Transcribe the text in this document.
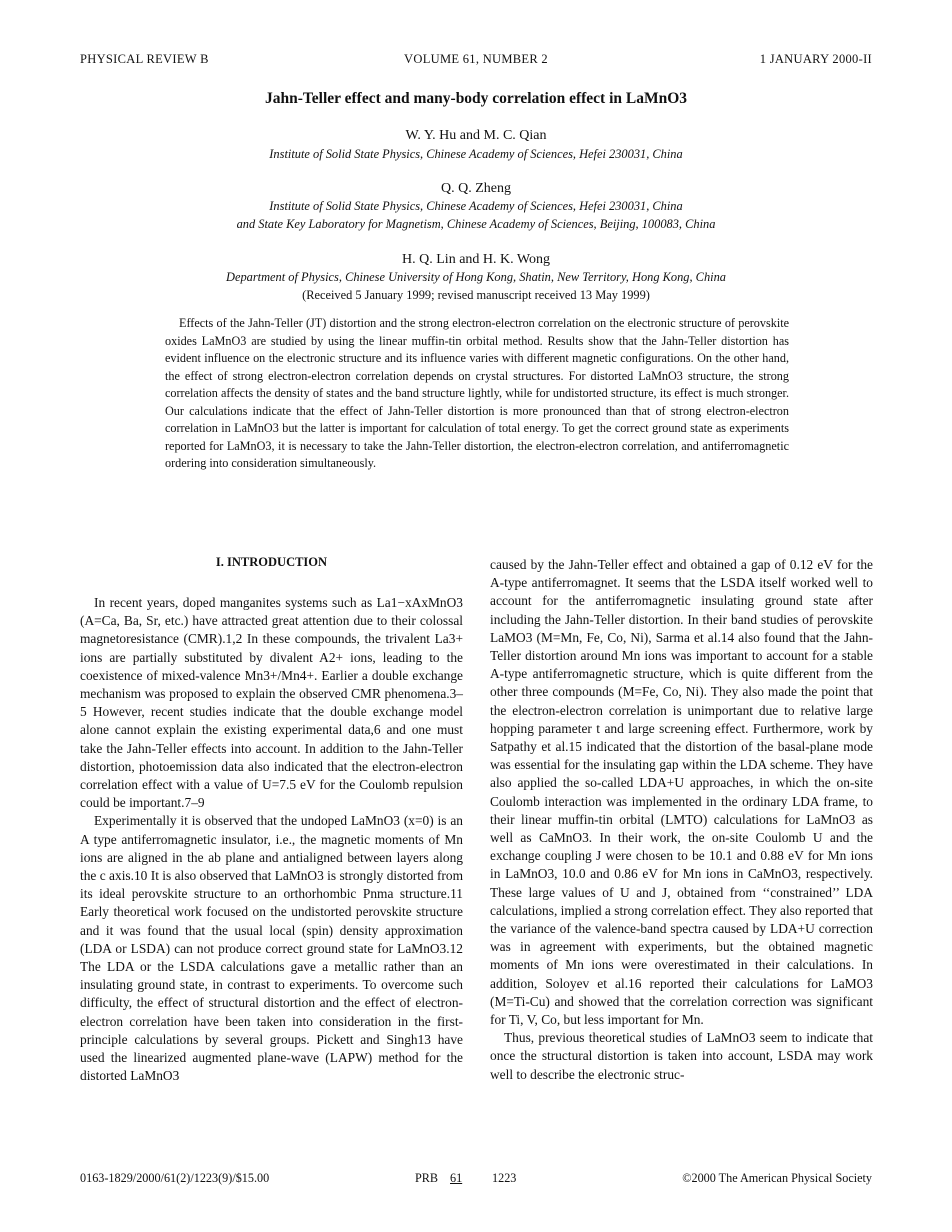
PHYSICAL REVIEW B	VOLUME 61, NUMBER 2	1 JANUARY 2000-II
Jahn-Teller effect and many-body correlation effect in LaMnO3
W. Y. Hu and M. C. Qian
Institute of Solid State Physics, Chinese Academy of Sciences, Hefei 230031, China
Q. Q. Zheng
Institute of Solid State Physics, Chinese Academy of Sciences, Hefei 230031, China
and State Key Laboratory for Magnetism, Chinese Academy of Sciences, Beijing, 100083, China
H. Q. Lin and H. K. Wong
Department of Physics, Chinese University of Hong Kong, Shatin, New Territory, Hong Kong, China
(Received 5 January 1999; revised manuscript received 13 May 1999)

Effects of the Jahn-Teller (JT) distortion and the strong electron-electron correlation on the electronic structure of perovskite oxides LaMnO3 are studied by using the linear muffin-tin orbital method. Results show that the Jahn-Teller distortion has evident influence on the electronic structure and its influence varies with different magnetic configurations. On the other hand, the effect of strong electron-electron correlation depends on crystal structures. For distorted LaMnO3 structure, the strong correlation affects the density of states and the band structure lightly, while for undistorted structure, its effect is much stronger. Our calculations indicate that the effect of Jahn-Teller distortion is more pronounced than that of strong electron-electron correlation in LaMnO3 but the latter is important for calculation of total energy. To get the correct ground state as experiments reported for LaMnO3, it is necessary to take the Jahn-Teller distortion, the electron-electron correlation, and antiferromagnetic ordering into consideration simultaneously.

I. INTRODUCTION

In recent years, doped manganites systems such as La1−xAxMnO3 (A=Ca, Ba, Sr, etc.) have attracted great attention due to their colossal magnetoresistance (CMR).1,2 In these compounds, the trivalent La3+ ions are partially substituted by divalent A2+ ions, leading to the coexistence of mixed-valence Mn3+/Mn4+. Earlier a double exchange mechanism was proposed to explain the observed CMR phenomena.3–5 However, recent studies indicate that the double exchange model alone cannot explain the existing experimental data,6 and one must take the Jahn-Teller effects into account. In addition to the Jahn-Teller distortion, photoemission data also indicated that the electron-electron correlation effect with a value of U=7.5 eV for the Coulomb repulsion could be important.7–9

Experimentally it is observed that the undoped LaMnO3 (x=0) is an A type antiferromagnetic insulator, i.e., the magnetic moments of Mn ions are aligned in the ab plane and antialigned between layers along the c axis.10 It is also observed that LaMnO3 is strongly distorted from its ideal perovskite structure to an orthorhombic Pnma structure.11 Early theoretical work focused on the undistorted perovskite structure and it was found that the usual local (spin) density approximation (LDA or LSDA) can not produce correct ground state for LaMnO3.12 The LDA or the LSDA calculations gave a metallic rather than an insulating ground state, in contrast to experiments. To overcome such difficulty, the effect of structural distortion and the effect of electron-electron correlation have been taken into consideration in the first-principle calculations by several groups. Pickett and Singh13 have used the linearized augmented plane-wave (LAPW) method for the distorted LaMnO3

caused by the Jahn-Teller effect and obtained a gap of 0.12 eV for the A-type antiferromagnet. It seems that the LSDA itself worked well to account for the antiferromagnetic insulating ground state after including the Jahn-Teller distortion. In their band studies of perovskite LaMO3 (M=Mn, Fe, Co, Ni), Sarma et al.14 also found that the Jahn-Teller distortion around Mn ions was important to account for a stable A-type antiferromagnetic structure, which is quite different from the other three compounds (M=Fe, Co, Ni). They also made the point that the electron-electron correlation is unimportant due to relative large hopping parameter t and large screening effect. Furthermore, work by Satpathy et al.15 indicated that the distortion of the basal-plane mode was essential for the insulating gap within the LDA scheme. They have also applied the so-called LDA+U approaches, in which the on-site Coulomb interaction was implemented in the ordinary LDA frame, to their linear muffin-tin orbital (LMTO) calculations for LaMnO3 as well as CaMnO3. In their work, the on-site Coulomb U and the exchange coupling J were chosen to be 10.1 and 0.88 eV for Mn ions in LaMnO3, 10.0 and 0.86 eV for Mn ions in CaMnO3, respectively. These large values of U and J, obtained from ‘‘constrained’’ LDA calculations, implied a strong correlation effect. They also reported that the variance of the valence-band spectra caused by LDA+U correction was in agreement with experiments, but the obtained magnetic moments of Mn ions were overestimated in their calculations. In addition, Soloyev et al.16 reported their calculations for LaMO3 (M=Ti-Cu) and showed that the correlation correction was significant for Ti, V, Co, but less important for Mn.

Thus, previous theoretical studies of LaMnO3 seem to indicate that once the structural distortion is taken into account, LSDA may work well to describe the electronic struc-

0163-1829/2000/61(2)/1223(9)/$15.00	PRB 61 1223	©2000 The American Physical Society
